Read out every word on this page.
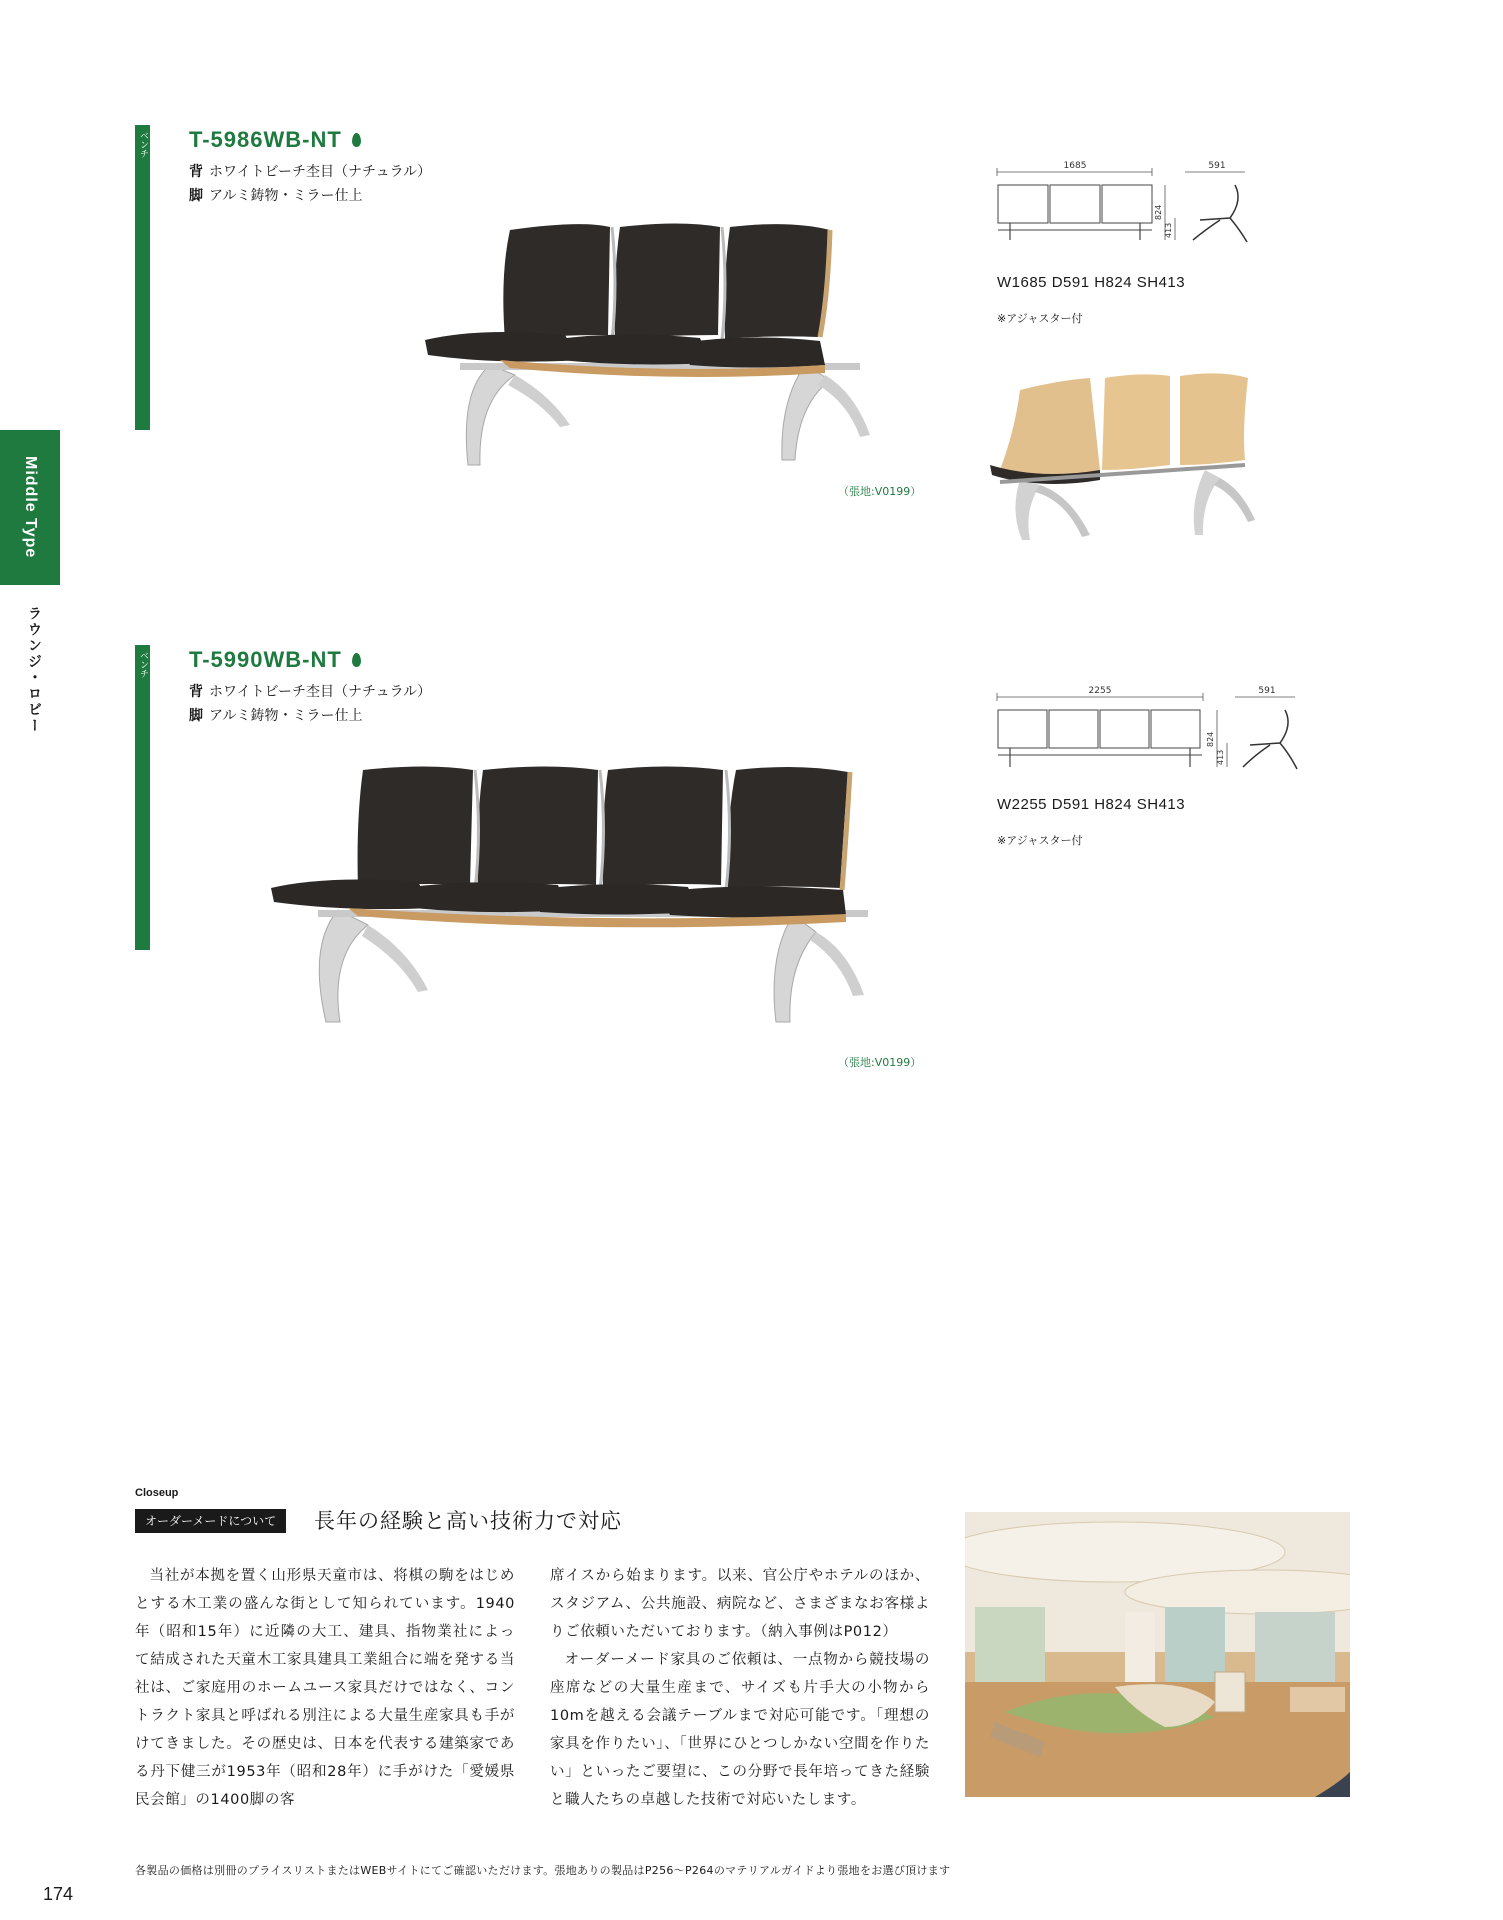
Middle Type
ラウンジ・ロビー
ベンチ T-5986WB-NT
背 ホワイトビーチ杢目（ナチュラル）
脚 アルミ鋳物・ミラー仕上
（張地:V0199）
1685
824
413
591
W1685 D591 H824 SH413
※アジャスター付
ベンチ T-5990WB-NT
背 ホワイトビーチ杢目（ナチュラル）
脚 アルミ鋳物・ミラー仕上
（張地:V0199）
2255
824
413
591
W2255 D591 H824 SH413
※アジャスター付
Closeup
オーダーメードについて	長年の経験と高い技術力で対応

当社が本拠を置く山形県天童市は、将棋の駒をはじめとする木工業の盛んな街として知られています。1940年（昭和15年）に近隣の大工、建具、指物業社によって結成された天童木工家具建具工業組合に端を発する当社は、ご家庭用のホームユース家具だけではなく、コントラクト家具と呼ばれる別注による大量生産家具も手がけてきました。その歴史は、日本を代表する建築家である丹下健三が1953年（昭和28年）に手がけた「愛媛県民会館」の1400脚の客

席イスから始まります。以来、官公庁やホテルのほか、スタジアム、公共施設、病院など、さまざまなお客様よりご依頼いただいております。（納入事例はP012）

オーダーメード家具のご依頼は、一点物から競技場の座席などの大量生産まで、サイズも片手大の小物から10mを越える会議テーブルまで対応可能です。「理想の家具を作りたい」、「世界にひとつしかない空間を作りたい」といったご要望に、この分野で長年培ってきた経験と職人たちの卓越した技術で対応いたします。

各製品の価格は別冊のプライスリストまたはWEBサイトにてご確認いただけます。張地ありの製品はP256～P264のマテリアルガイドより張地をお選び頂けます
174
